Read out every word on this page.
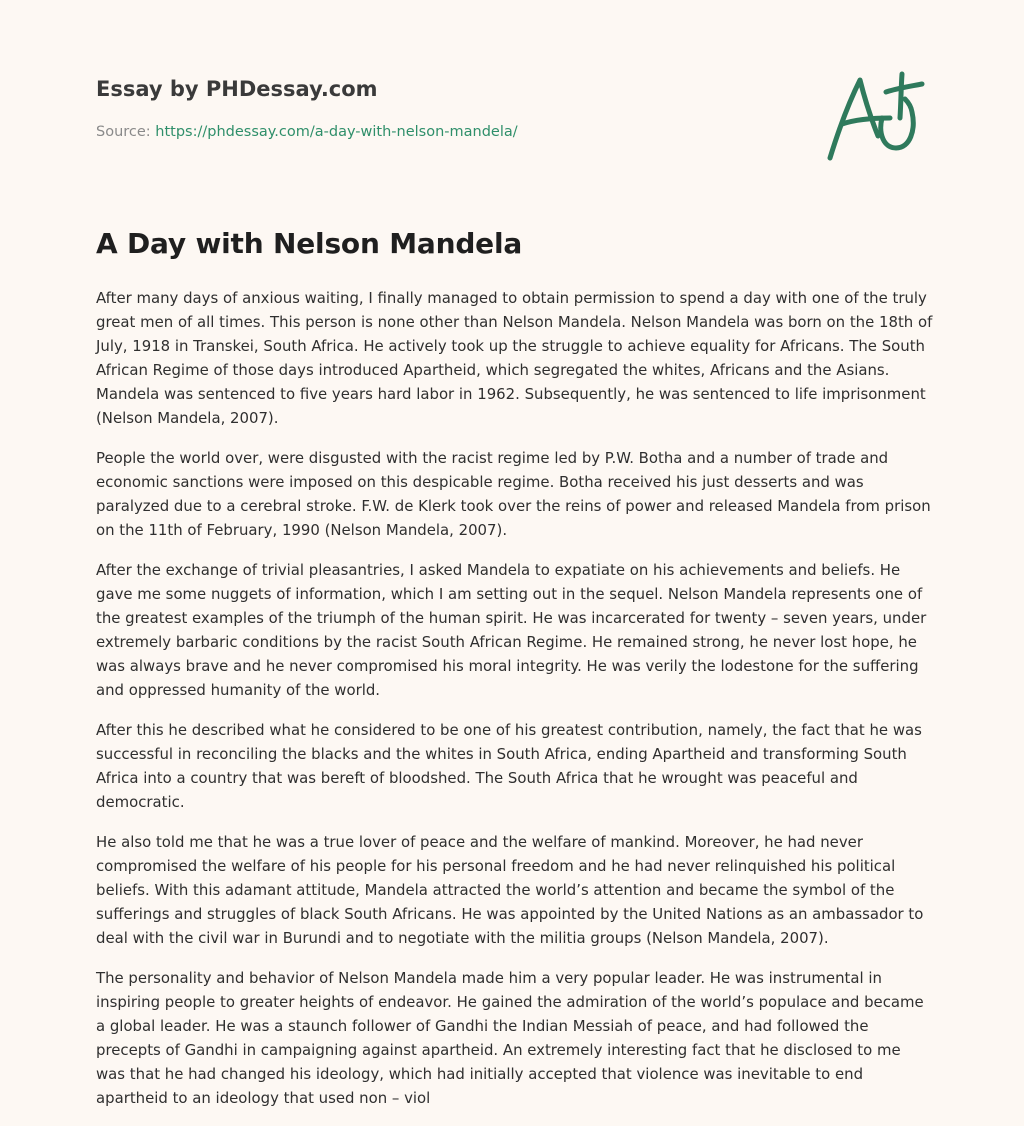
Essay by PHDessay.com
Source: https://phdessay.com/a-day-with-nelson-mandela/
A Day with Nelson Mandela

After many days of anxious waiting, I finally managed to obtain permission to spend a day with one of the truly great men of all times. This person is none other than Nelson Mandela. Nelson Mandela was born on the 18th of July, 1918 in Transkei, South Africa. He actively took up the struggle to achieve equality for Africans. The South African Regime of those days introduced Apartheid, which segregated the whites, Africans and the Asians. Mandela was sentenced to five years hard labor in 1962. Subsequently, he was sentenced to life imprisonment (Nelson Mandela, 2007).

People the world over, were disgusted with the racist regime led by P.W. Botha and a number of trade and economic sanctions were imposed on this despicable regime. Botha received his just desserts and was paralyzed due to a cerebral stroke. F.W. de Klerk took over the reins of power and released Mandela from prison on the 11th of February, 1990 (Nelson Mandela, 2007).

After the exchange of trivial pleasantries, I asked Mandela to expatiate on his achievements and beliefs. He gave me some nuggets of information, which I am setting out in the sequel. Nelson Mandela represents one of the greatest examples of the triumph of the human spirit. He was incarcerated for twenty – seven years, under extremely barbaric conditions by the racist South African Regime. He remained strong, he never lost hope, he was always brave and he never compromised his moral integrity. He was verily the lodestone for the suffering and oppressed humanity of the world.

After this he described what he considered to be one of his greatest contribution, namely, the fact that he was successful in reconciling the blacks and the whites in South Africa, ending Apartheid and transforming South Africa into a country that was bereft of bloodshed. The South Africa that he wrought was peaceful and democratic.

He also told me that he was a true lover of peace and the welfare of mankind. Moreover, he had never compromised the welfare of his people for his personal freedom and he had never relinquished his political beliefs. With this adamant attitude, Mandela attracted the world’s attention and became the symbol of the sufferings and struggles of black South Africans. He was appointed by the United Nations as an ambassador to deal with the civil war in Burundi and to negotiate with the militia groups (Nelson Mandela, 2007).

The personality and behavior of Nelson Mandela made him a very popular leader. He was instrumental in inspiring people to greater heights of endeavor. He gained the admiration of the world’s populace and became a global leader. He was a staunch follower of Gandhi the Indian Messiah of peace, and had followed the precepts of Gandhi in campaigning against apartheid. An extremely interesting fact that he disclosed to me was that he had changed his ideology, which had initially accepted that violence was inevitable to end apartheid to an ideology that used non – viol
